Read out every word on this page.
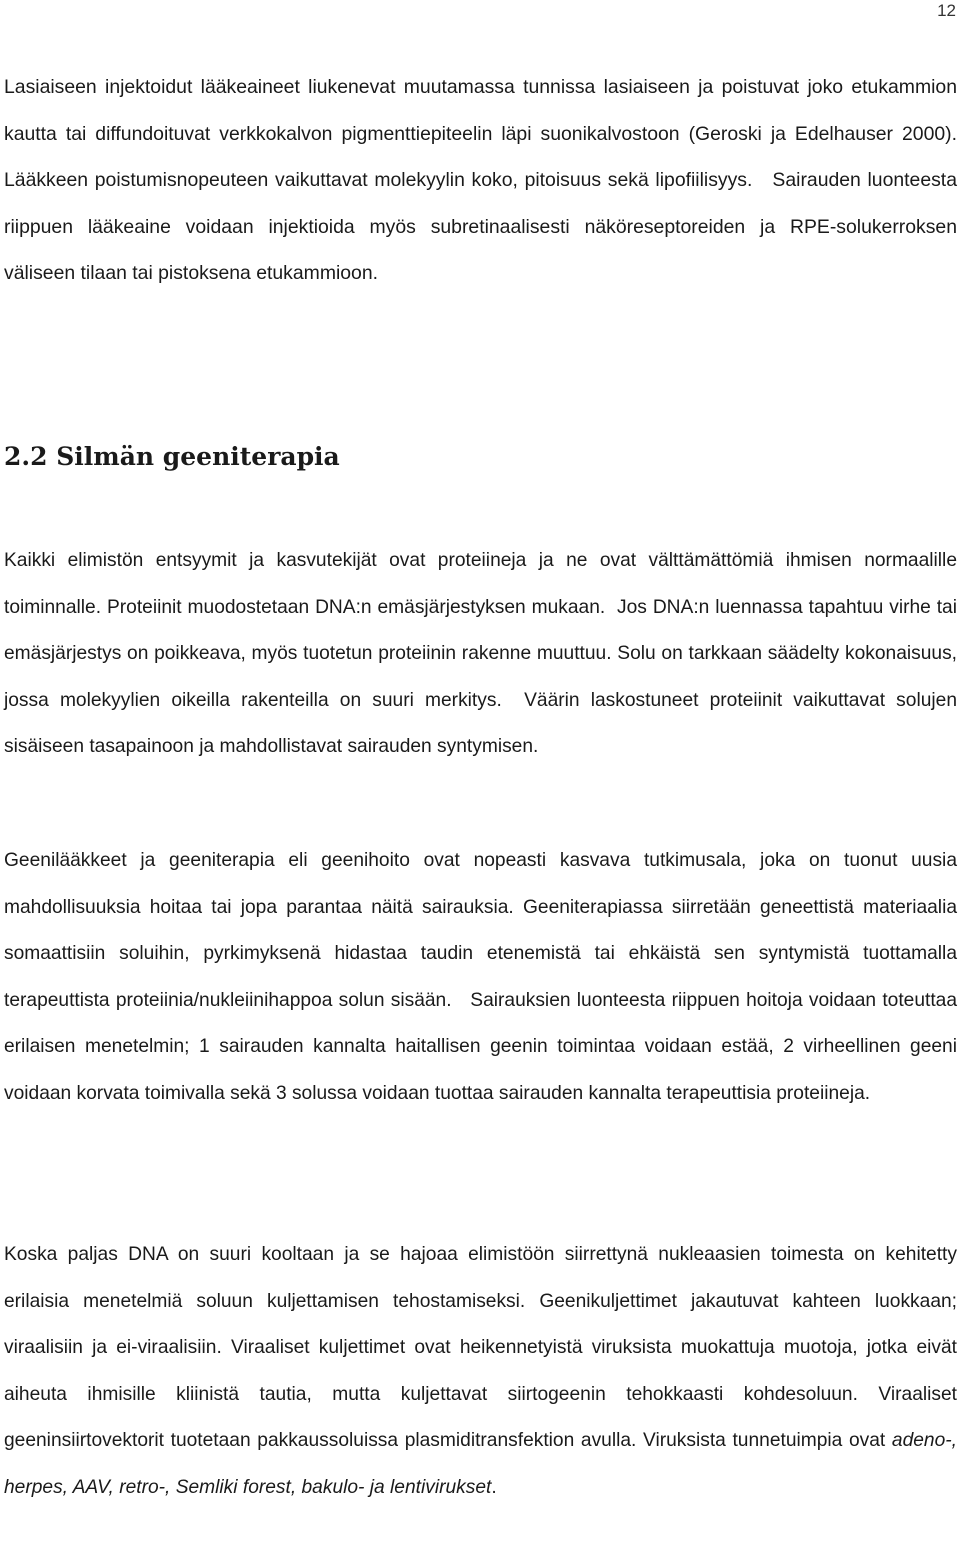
12

Lasiaiseen injektoidut lääkeaineet liukenevat muutamassa tunnissa lasiaiseen ja poistuvat joko etukammion kautta tai diffundoituvat verkkokalvon pigmenttiepiteelin läpi suonikalvostoon (Geroski ja Edelhauser 2000). Lääkkeen poistumisnopeuteen vaikuttavat molekyylin koko, pitoisuus sekä lipofiilisyys. Sairauden luonteesta riippuen lääkeaine voidaan injektioida myös subretinaalisesti näköreseptoreiden ja RPE-solukerroksen väliseen tilaan tai pistoksena etukammioon.

2.2 Silmän geeniterapia

Kaikki elimistön entsyymit ja kasvutekijät ovat proteiineja ja ne ovat välttämättömiä ihmisen normaalille toiminnalle. Proteiinit muodostetaan DNA:n emäsjärjestyksen mukaan. Jos DNA:n luennassa tapahtuu virhe tai emäsjärjestys on poikkeava, myös tuotetun proteiinin rakenne muuttuu. Solu on tarkkaan säädelty kokonaisuus, jossa molekyylien oikeilla rakenteilla on suuri merkitys. Väärin laskostuneet proteiinit vaikuttavat solujen sisäiseen tasapainoon ja mahdollistavat sairauden syntymisen.

Geenilääkkeet ja geeniterapia eli geenihoito ovat nopeasti kasvava tutkimusala, joka on tuonut uusia mahdollisuuksia hoitaa tai jopa parantaa näitä sairauksia. Geeniterapiassa siirretään geneettistä materiaalia somaattisiin soluihin, pyrkimyksenä hidastaa taudin etenemistä tai ehkäistä sen syntymistä tuottamalla terapeuttista proteiinia/nukleiinihappoa solun sisään. Sairauksien luonteesta riippuen hoitoja voidaan toteuttaa erilaisen menetelmin; 1 sairauden kannalta haitallisen geenin toimintaa voidaan estää, 2 virheellinen geeni voidaan korvata toimivalla sekä 3 solussa voidaan tuottaa sairauden kannalta terapeuttisia proteiineja.

Koska paljas DNA on suuri kooltaan ja se hajoaa elimistöön siirrettynä nukleaasien toimesta on kehitetty erilaisia menetelmiä soluun kuljettamisen tehostamiseksi. Geenikuljettimet jakautuvat kahteen luokkaan; viraalisiin ja ei-viraalisiin. Viraaliset kuljettimet ovat heikennetyistä viruksista muokattuja muotoja, jotka eivät aiheuta ihmisille kliinistä tautia, mutta kuljettavat siirtogeenin tehokkaasti kohdesoluun. Viraaliset geeninsiirtovektorit tuotetaan pakkaussoluissa plasmiditransfektion avulla. Viruksista tunnetuimpia ovat adeno-, herpes, AAV, retro-, Semliki forest, bakulo- ja lentivirukset.
